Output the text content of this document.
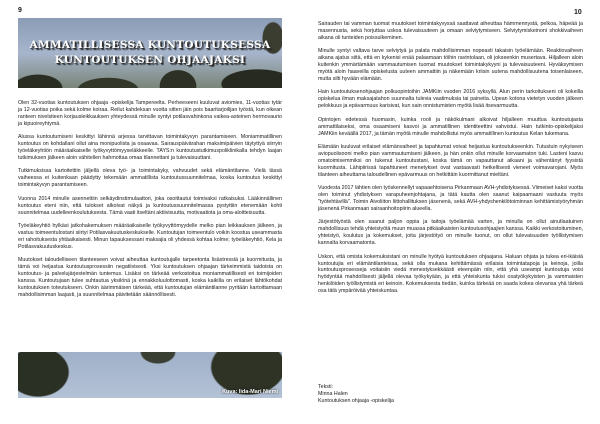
9	10
AMMATILLISESSA KUNTOUTUKSESSA
KUNTOUTUKSEN OHJAAJAKSI

Olen 32-vuotias kuntoutuksen ohjaaja -opiskelija Tampereelta. Perheeseeni kuuluvat aviomies, 11-vuotias tytär ja 12-vuotias poika sekä kolme koiraa. Reilut kahdeksan vuotta sitten jäin pois baaritarjoilijan työstä, kun oikean ranteen nivelsiteen korjausleikkauksen yhteydessä minulle syntyi potilasvahinkona vaikea-asteinen hermovaurio ja kipuoireyhtymä.

Alussa kuntoutumiseni keskittyi lähinnä arjessa tarvittavan toimintakyvyn parantamiseen. Moniammatillinen kuntoutus on kohdallani ollut aina monipuolista ja osaavaa. Sairauspäivärahan maksimipäivien täytyttyä siirryin työeläkeyhtiön määräaikaiselle työkyvyttömyyseläkkeelle. TAYS:n kuntoutustutkimuspoliklinikalla tehdyn laajan tutkimuksen jälkeen aloin vähitellen hahmottaa omaa tilannettani ja tulevaisuuttani.

Tutkimuksissa kartoitettiin jäljellä oleva työ- ja toimintakyky, vahvuudet sekä elämäntilanne. Vielä tässä vaiheessa ei kuitenkaan päädytty tekemään ammatillista kuntoutussuunnitelmaa, koska kuntoutus keskittyi toimintakyvyn parantamiseen.

Vuonna 2014 minulle asennettiin selkäydinstimulaattori, joka osoittautui toimivaksi ratkaisuksi. Lääkinnällinen kuntoutus eteni niin, että tulokset alkoivat näkyä ja kuntoutussuunnitelmassa pystyttiin etenemään kohti suunnitelmaa uudelleenkoulutuksesta. Tämä vaati itseltäni aktiivisuutta, motivaatiota ja oma-aloitteisuutta.

Työeläkeyhtiö hylkäsi jatkohakemuksen määräaikaiselle työkyvyttömyydelle melko pian leikkauksen jälkeen, ja vastuu toimeentulostani siirtyi Potilasvakuutuskeskukselle. Kuntoutujan toimeentulo voikin koostua useammasta eri rahoituksesta yhtäaikaisesti. Minun tapauksessani maksajia oli yhdessä kohtaa kolme; työeläkeyhtiö, Kela ja Potilasvakuutuskeskus.

Muutokset taloudelliseen tilanteeseen voivat aiheuttaa kuntoutujalle tarpeetonta lisästressiä ja kuormitusta, ja tämä voi heijastua kuntoutusprosessiin negatiivisesti. Yksi kuntoutuksen ohjaajan tärkeimmistä taidoista on kuntoutus- ja palvelujärjestelmän tuntemus. Lisäksi on tärkeää verkostoitua moniammatillisesti eri toimijoiden kanssa. Kuntoutujaan tulee suhtautua yksilönä ja ennakkoluulottomasti, koska kaikilla on erilaiset lähtökohdat kuntoutuksen toteutukseen. Onkin äärimmäisen tärkeää, että kuntoutujan elämäntilanne pyritään kartoittamaan mahdollisimman laajasti, ja suunnitelmaa päivitetään säännöllisesti.

Kuva: Iida-Mari Niemi

Sairauden tai vamman tuomat muutokset toimintakyvyssä saattavat aiheuttaa hämmennystä, pelkoa, häpeää ja masennusta, sekä horjuttaa uskoa tulevaisuuteen ja omaan selviytymiseen. Selviytymiskeinoni shokkivaiheen aikana oli tunteiden poissulkeminen.

Minulle syntyi valtava tarve selviytyä ja palata mahdollisimman nopeasti takaisin työelämään. Reaktiovaiheen aikana ajatus siitä, että en kykenisi enää palaamaan töihin ravintolaan, oli jokseenkin musertava. Hiljalleen aloin kuitenkin ymmärtämään vammautumisen tuomat muutokset toimintakykyyni ja tulevaisuuteeni. Hyväksymisen myötä aloin haaveilla opiskelusta uuteen ammattiin ja näkemään kriisin uutena mahdollisuutena toisenlaiseen, mutta silti hyvään elämään.

Hain kuntoutuksenohjaajan polkuopintoihin JAMKiin vuoden 2016 syksyllä. Alun perin tarkoitukseni oli kokeilla opiskelua ilman maksajatahon suunnalta tulevia vaatimuksia tai paineita. Upean kotona vietetyn vuoden jälkeen pelokkuus ja epävarmuus karisivat, kun sain onnistumisten myötä lisää itsevarmuutta.

Opintojen edetessä huomasin, kuinka rooli ja näkökulmani alkoivat hiljalleen muuttua kuntoutujasta ammattilaiseksi, oma osaamiseni kasvoi ja ammatillinen identiteettini vahvistui. Hain tutkinto-opiskelijaksi JAMKiin keväällä 2017, ja tämän myötä minulle mahdollistui myös ammatillinen kuntoutus Kelan tukemana.

Elämään kuuluvat erilaiset elämänvaiheet ja tapahtumat voivat heijastua kuntoutukseenkin. Tutustuin nykyiseen aviopuolisooni melko pian vammautumiseni jälkeen, ja hän onkin ollut minulle korvaamaton tuki. Lasteni kasvu omatoimisemmiksi on tukenut kuntoutustani, koska tämä on vapauttanut aikaani ja vähentänyt fyysistä kuormitusta. Lähipiirissä tapahtuneet menetykset ovat vastaavasti hetkellisesti vieneet voimavarojani. Myös tilanteen aiheuttama taloudellinen epävarmuus on hetkittäin kuormittanut mieltäni.

Vuodesta 2017 lähtien olen työskennellyt vapaaehtoisena Pirkanmaan AVH-yhdistyksessä. Viimeiset kaksi vuotta olen toiminut yhdistyksen varapuheenjohtajana, ja tätä kautta olen saanut kaipaamaani vastuuta myös "työtehtävillä". Toimin Aivoliiton liittohallituksen jäsenenä, sekä AVH-yhdyshenkilötoiminnan kehittämistyöryhmän jäsenenä Pirkanmaan sairaanhoitopiirin alueella.

Järjestötyöstä olen saanut paljon oppia ja taitoja työelämää varten, ja minulla on ollut ainutlaatuinen mahdollisuus tehdä yhteistyötä muun muassa pitkäaikaisten kuntoutusohjaajien kanssa. Kaikki verkostoituminen, yhteistyö, koulutus ja kokemukset, joita järjestötyö on minulle tuonut, on ollut tulevaisuuden työllistymisen kannalta korvaamatonta.

Uskon, että omista kokemuksistani on minulle hyötyä kuntoutuksen ohjaajana. Haluan ohjata ja tukea eri-ikäisiä kuntoutujia eri elämäntilanteissa, sekä olla mukana kehittämässä erilaisia toimintatapoja ja keinoja, joilla kuntoutusprosesseja voitaisiin viedä menestyksekkäästi eteenpäin niin, että yhä useampi kuntoutuja voisi hyödyntää mahdollisesti jäljellä olevaa työkykyään, ja että yhteiskunta tukisi osatyökykyisten ja vammaisten henkilöiden työllistymistä eri keinoin. Kokemuksesta tiedän, kuinka tärkeää on saada kokea olevansa yhä tärkeä osa tätä ympäröivää yhteiskuntaa.

Teksti:
Minna Halen
Kuntoutuksen ohjaaja -opiskelija
